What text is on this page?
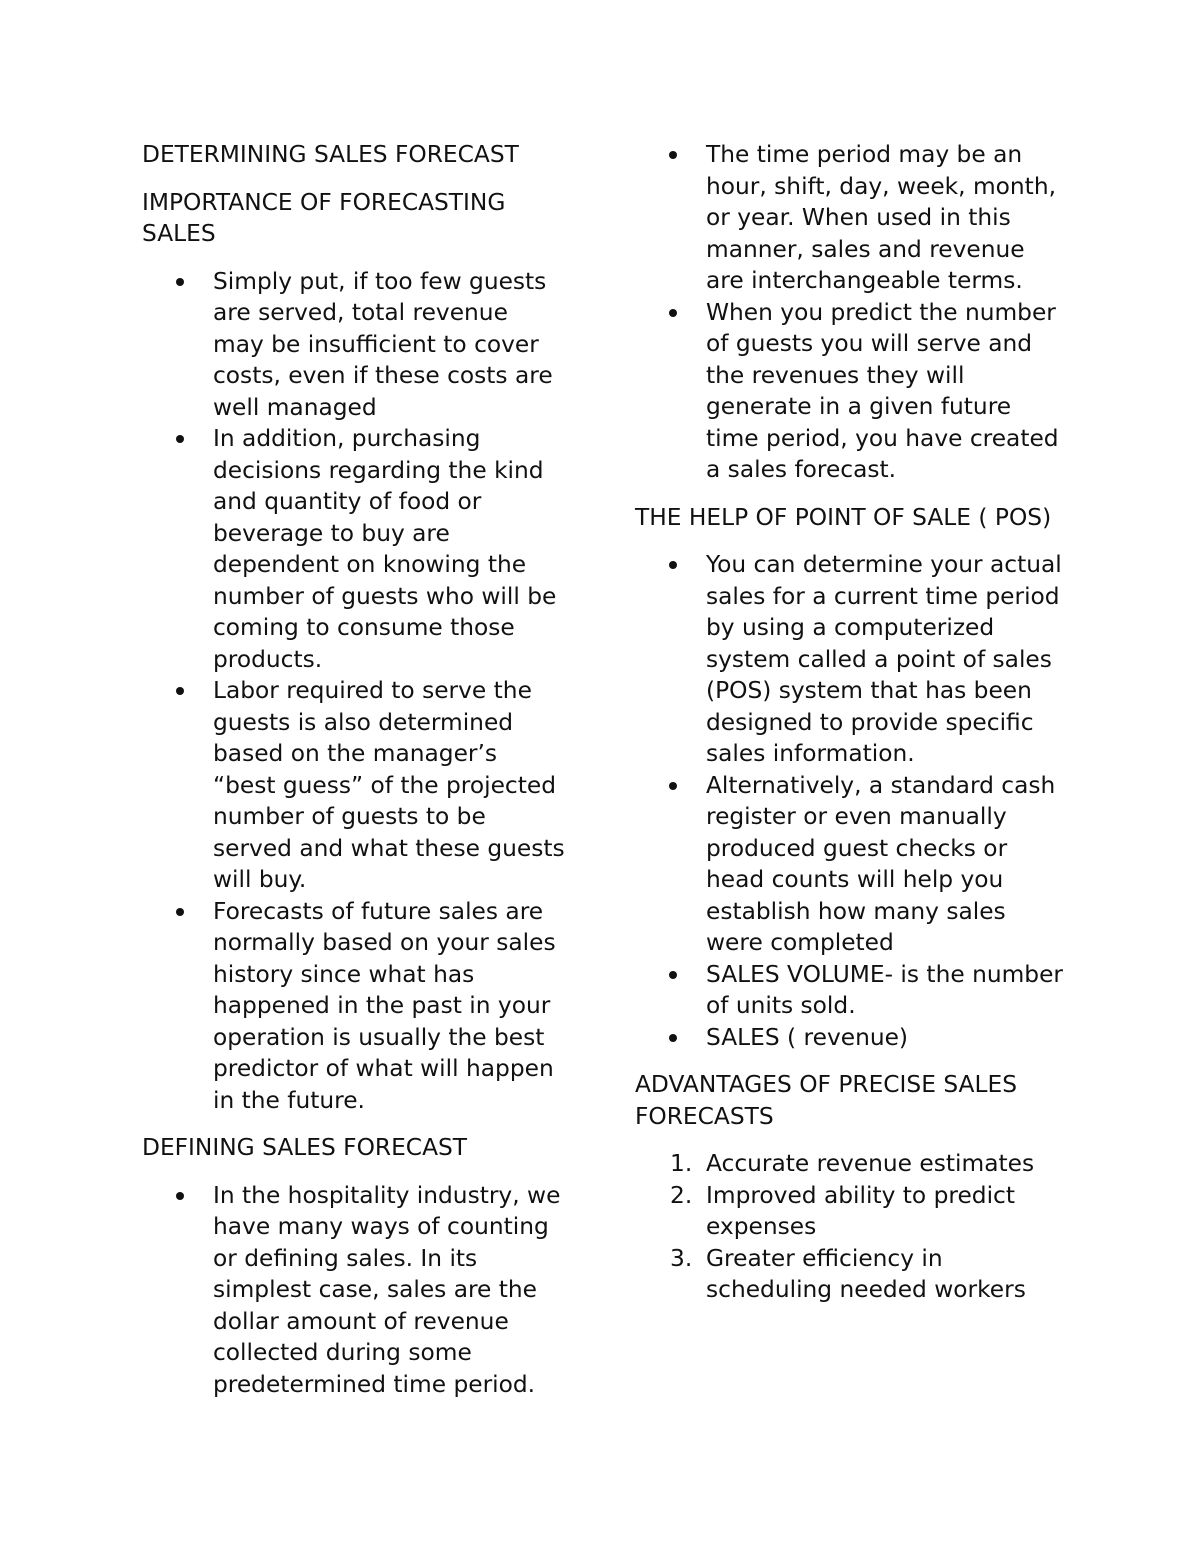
DETERMINING SALES FORECAST

IMPORTANCE OF FORECASTING SALES

Simply put, if too few guests are served, total revenue may be insufficient to cover costs, even if these costs are well managed
In addition, purchasing decisions regarding the kind and quantity of food or beverage to buy are dependent on knowing the number of guests who will be coming to consume those products.
Labor required to serve the guests is also determined based on the manager’s “best guess” of the projected number of guests to be served and what these guests will buy.
Forecasts of future sales are normally based on your sales history since what has happened in the past in your operation is usually the best predictor of what will happen in the future.

DEFINING SALES FORECAST

In the hospitality industry, we have many ways of counting or defining sales. In its simplest case, sales are the dollar amount of revenue collected during some predetermined time period.
The time period may be an hour, shift, day, week, month, or year. When used in this manner, sales and revenue are interchangeable terms.
When you predict the number of guests you will serve and the revenues they will generate in a given future time period, you have created a sales forecast.

THE HELP OF POINT OF SALE ( POS)

You can determine your actual sales for a current time period by using a computerized system called a point of sales (POS) system that has been designed to provide specific sales information.
Alternatively, a standard cash register or even manually produced guest checks or head counts will help you establish how many sales were completed
SALES VOLUME- is the number of units sold.
SALES ( revenue)

ADVANTAGES OF PRECISE SALES FORECASTS

1. Accurate revenue estimates
2. Improved ability to predict expenses
3. Greater efficiency in scheduling needed workers
